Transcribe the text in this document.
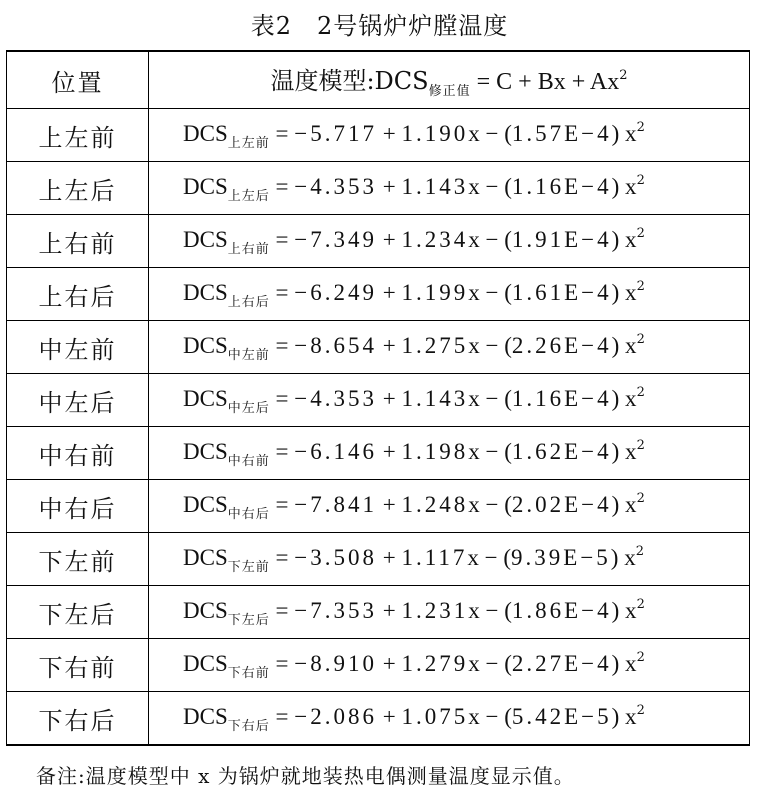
表2　2号锅炉炉膛温度
位置	温度模型$:DCS_{修正值} = C + Bx + Ax^2$
上左前	$DCS_{上左前} = -5.717 + 1.190x - (1.57E-4)$ $x^2$
上左后	$DCS_{上左后} = -4.353 + 1.143x - (1.16E-4)$ $x^2$
上右前	$DCS_{上右前} = -7.349 + 1.234x - (1.91E-4)$ $x^2$
上右后	$DCS_{上右后} = -6.249 + 1.199x - (1.61E-4)$ $x^2$
中左前	$DCS_{中左前} = -8.654 + 1.275x - (2.26E-4)$ $x^2$
中左后	$DCS_{中左后} = -4.353 + 1.143x - (1.16E-4)$ $x^2$
中右前	$DCS_{中右前} = -6.146 + 1.198x - (1.62E-4)$ $x^2$
中右后	$DCS_{中右后} = -7.841 + 1.248x - (2.02E-4)$ $x^2$
下左前	$DCS_{下左前} = -3.508 + 1.117x - (9.39E-5)$ $x^2$
下左后	$DCS_{下左后} = -7.353 + 1.231x - (1.86E-4)$ $x^2$
下右前	$DCS_{下右前} = -8.910 + 1.279x - (2.27E-4)$ $x^2$
下右后	$DCS_{下右后} = -2.086 + 1.075x - (5.42E-5)$ $x^2$
备注:温度模型中 x 为锅炉就地装热电偶测量温度显示值。
